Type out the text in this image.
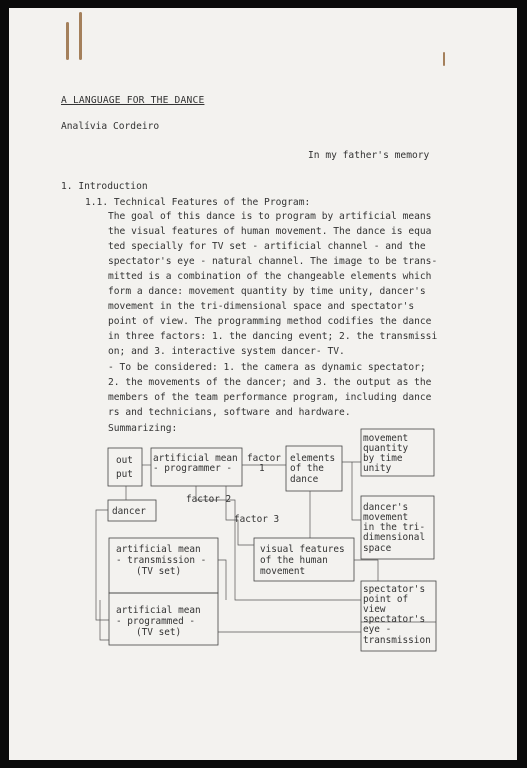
A LANGUAGE FOR THE DANCE
Analívia Cordeiro
In my father's memory
1. Introduction
1.1. Technical Features of the Program:
The goal of this dance is to program by artificial means
the visual features of human movement. The dance is equa
ted specially for TV set - artificial channel - and the
spectator's eye - natural channel. The image to be trans-
mitted is a combination of the changeable elements which
form a dance: movement quantity by time unity, dancer's
movement in the tri-dimensional space and spectator's
point of view. The programming method codifies the dance
in three factors: 1. the dancing event; 2. the transmissi
on; and 3. interactive system dancer- TV.
- To be considered: 1. the camera as dynamic spectator;
2. the movements of the dancer; and 3. the output as the
members of the team performance program, including dance
rs and technicians, software and hardware.
Summarizing:
out
put
artificial mean
- programmer -
factor
1
elements
of the
dance
movement
quantity
by time
unity
dancer
factor 2
factor 3
dancer's
movement
in the tri-
dimensional
space
artificial mean
- transmission -
(TV set)
visual features
of the human
movement
artificial mean
- programmed -
(TV set)
spectator's
point of
view
spectator's
eye -
transmission
